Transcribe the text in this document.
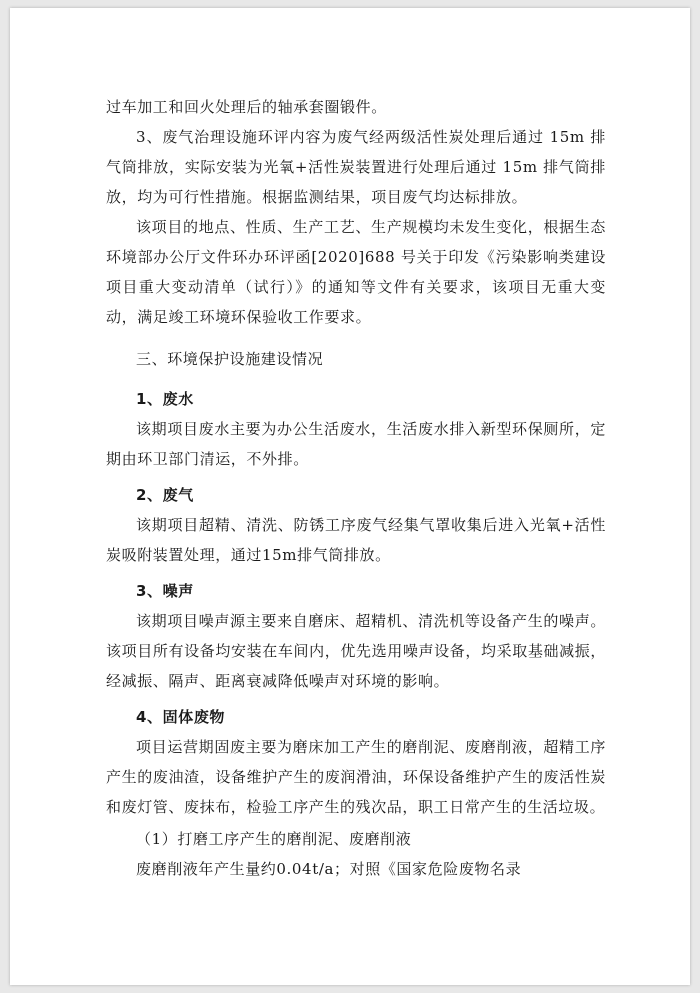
过车加工和回火处理后的轴承套圈锻件。

3、废气治理设施环评内容为废气经两级活性炭处理后通过 15m 排气筒排放，实际安装为光氧+活性炭装置进行处理后通过 15m 排气筒排放，均为可行性措施。根据监测结果，项目废气均达标排放。

该项目的地点、性质、生产工艺、生产规模均未发生变化，根据生态环境部办公厅文件环办环评函[2020]688 号关于印发《污染影响类建设项目重大变动清单（试行）》的通知等文件有关要求，该项目无重大变动，满足竣工环境环保验收工作要求。

三、环境保护设施建设情况
1、废水

该期项目废水主要为办公生活废水，生活废水排入新型环保厕所，定期由环卫部门清运，不外排。

2、废气

该期项目超精、清洗、防锈工序废气经集气罩收集后进入光氧+活性炭吸附装置处理，通过15m排气筒排放。

3、噪声

该期项目噪声源主要来自磨床、超精机、清洗机等设备产生的噪声。该项目所有设备均安装在车间内，优先选用噪声设备，均采取基础减振，经减振、隔声、距离衰减降低噪声对环境的影响。

4、固体废物

项目运营期固废主要为磨床加工产生的磨削泥、废磨削液，超精工序产生的废油渣，设备维护产生的废润滑油，环保设备维护产生的废活性炭和废灯管、废抹布，检验工序产生的残次品，职工日常产生的生活垃圾。

（1）打磨工序产生的磨削泥、废磨削液

废磨削液年产生量约0.04t/a；对照《国家危险废物名录
